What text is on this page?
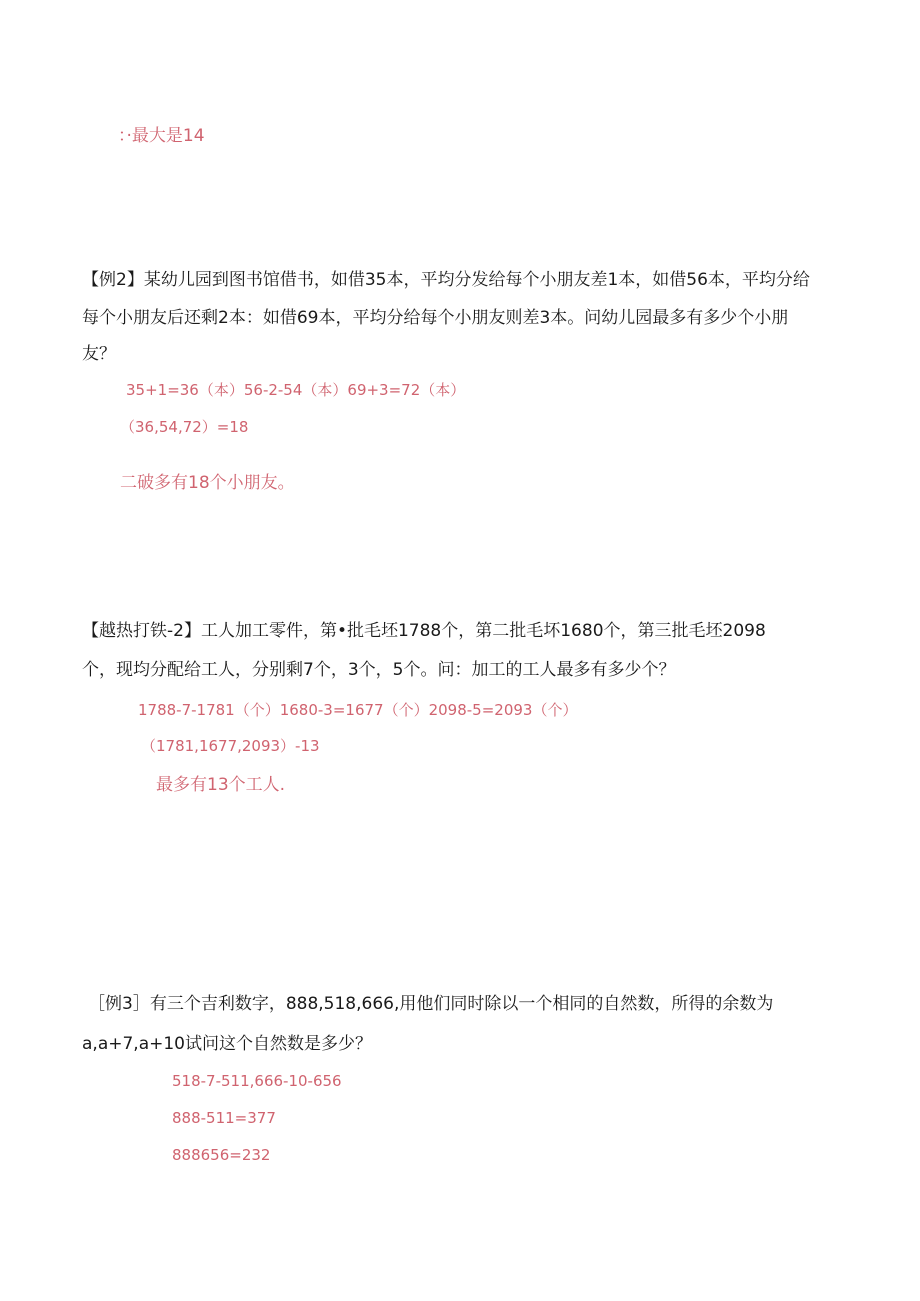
：·最大是14
【例2】某幼儿园到图书馆借书，如借35本，平均分发给每个小朋友差1本，如借56本，平均分给
每个小朋友后还剩2本：如借69本，平均分给每个小朋友则差3本。问幼儿园最多有多少个小朋
友？
35+1=36（本）56-2-54（本）69+3=72（本）
（36,54,72）=18
二破多有18个小朋友。
【越热打铁-2】工人加工零件，第•批毛坯1788个，第二批毛坏1680个，第三批毛坯2098
个，现均分配给工人，分别剩7个，3个，5个。问：加工的工人最多有多少个？
1788-7-1781（个）1680-3=1677（个）2098-5=2093（个）
（1781,1677,2093）-13
最多有13个工人.
［例3］有三个吉利数字，888,518,666,用他们同时除以一个相同的自然数，所得的余数为
a,a+7,a+10试问这个自然数是多少？
518-7-511,666-10-656
888-511=377
888656=232
